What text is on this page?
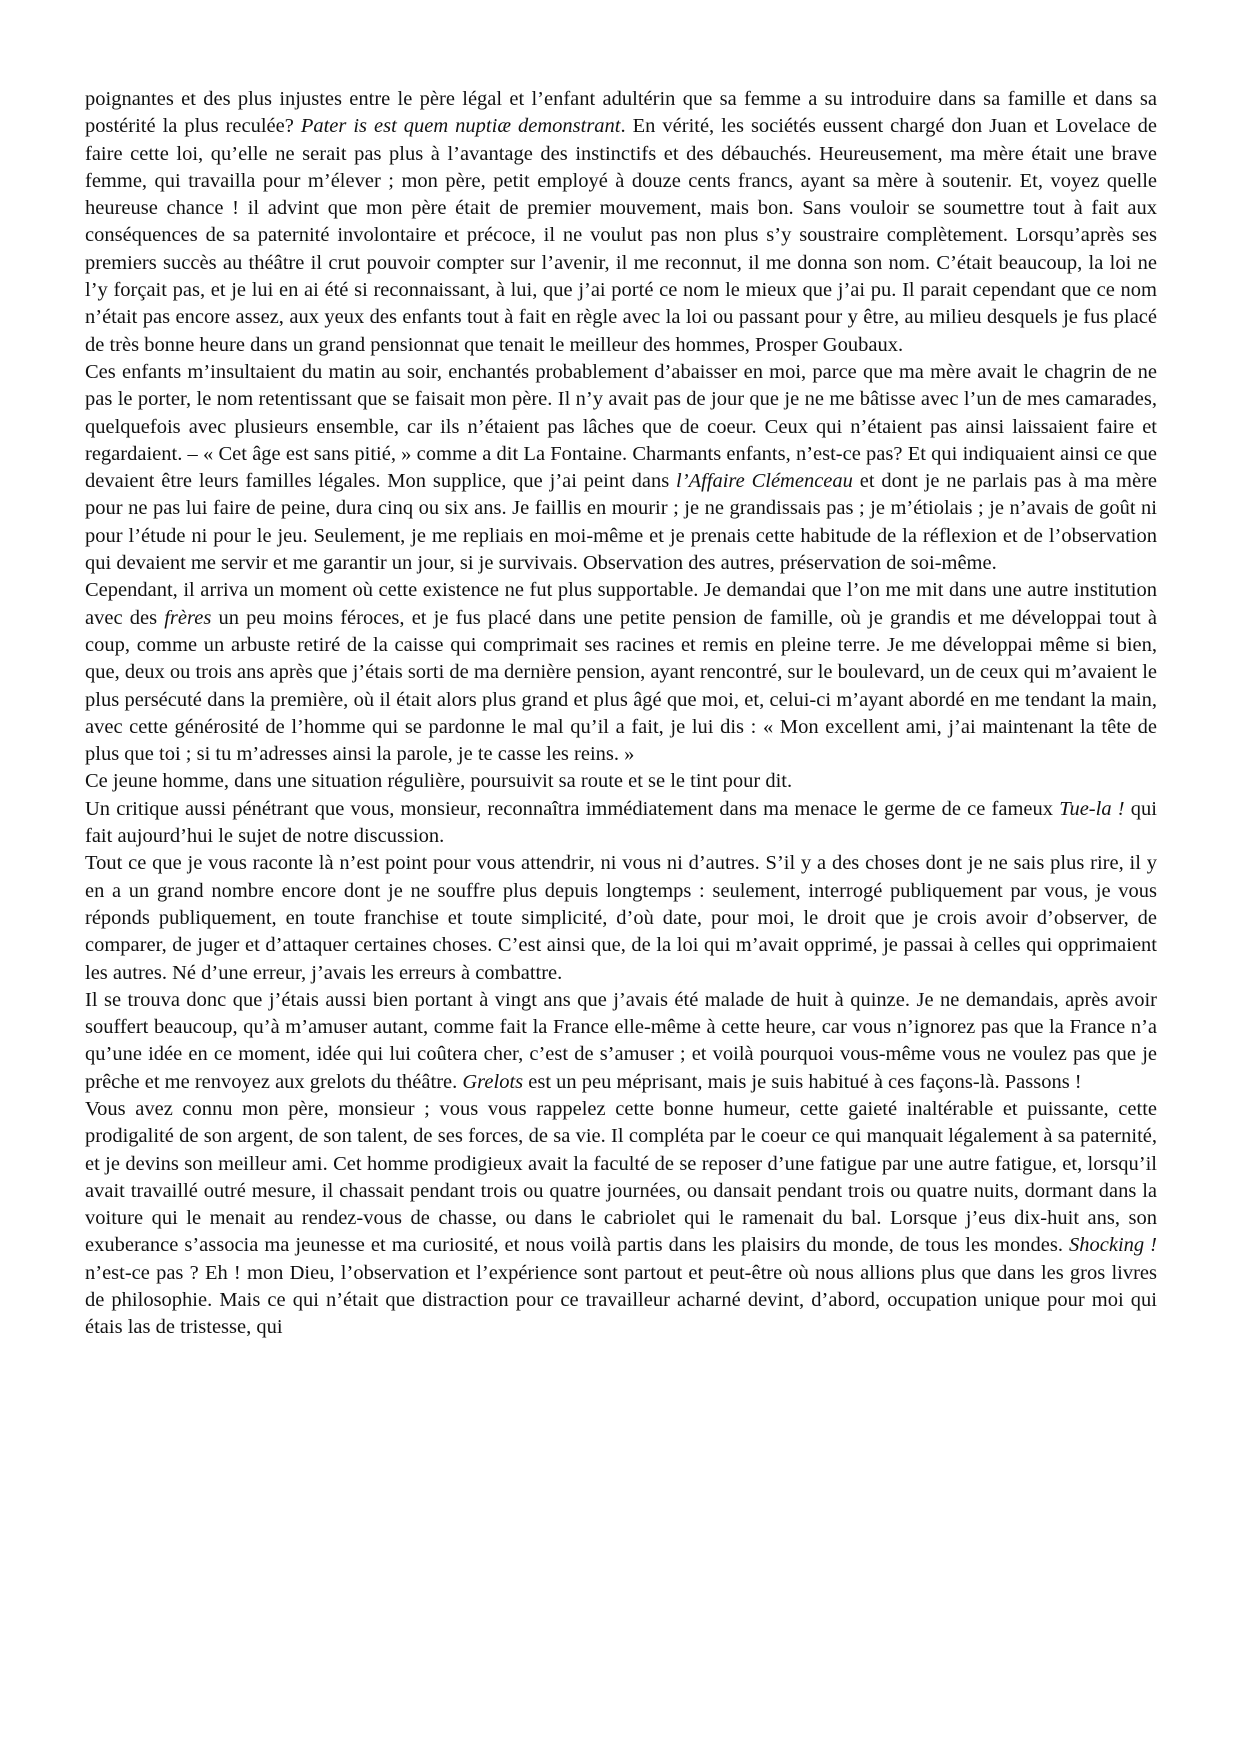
poignantes et des plus injustes entre le père légal et l’enfant adultérin que sa femme a su introduire dans sa famille et dans sa postérité la plus reculée? Pater is est quem nuptiæ demonstrant. En vérité, les sociétés eussent chargé don Juan et Lovelace de faire cette loi, qu’elle ne serait pas plus à l’avantage des instinctifs et des débauchés. Heureusement, ma mère était une brave femme, qui travailla pour m’élever ; mon père, petit employé à douze cents francs, ayant sa mère à soutenir. Et, voyez quelle heureuse chance ! il advint que mon père était de premier mouvement, mais bon. Sans vouloir se soumettre tout à fait aux conséquences de sa paternité involontaire et précoce, il ne voulut pas non plus s’y soustraire complètement. Lorsqu’après ses premiers succès au théâtre il crut pouvoir compter sur l’avenir, il me reconnut, il me donna son nom. C’était beaucoup, la loi ne l’y forçait pas, et je lui en ai été si reconnaissant, à lui, que j’ai porté ce nom le mieux que j’ai pu. Il parait cependant que ce nom n’était pas encore assez, aux yeux des enfants tout à fait en règle avec la loi ou passant pour y être, au milieu desquels je fus placé de très bonne heure dans un grand pensionnat que tenait le meilleur des hommes, Prosper Goubaux.

Ces enfants m’insultaient du matin au soir, enchantés probablement d’abaisser en moi, parce que ma mère avait le chagrin de ne pas le porter, le nom retentissant que se faisait mon père. Il n’y avait pas de jour que je ne me bâtisse avec l’un de mes camarades, quelquefois avec plusieurs ensemble, car ils n’étaient pas lâches que de coeur. Ceux qui n’étaient pas ainsi laissaient faire et regardaient. – « Cet âge est sans pitié, » comme a dit La Fontaine. Charmants enfants, n’est-ce pas? Et qui indiquaient ainsi ce que devaient être leurs familles légales. Mon supplice, que j’ai peint dans l’Affaire Clémenceau et dont je ne parlais pas à ma mère pour ne pas lui faire de peine, dura cinq ou six ans. Je faillis en mourir ; je ne grandissais pas ; je m’étiolais ; je n’avais de goût ni pour l’étude ni pour le jeu. Seulement, je me repliais en moi-même et je prenais cette habitude de la réflexion et de l’observation qui devaient me servir et me garantir un jour, si je survivais. Observation des autres, préservation de soi-même.

Cependant, il arriva un moment où cette existence ne fut plus supportable. Je demandai que l’on me mit dans une autre institution avec des frères un peu moins féroces, et je fus placé dans une petite pension de famille, où je grandis et me développai tout à coup, comme un arbuste retiré de la caisse qui comprimait ses racines et remis en pleine terre. Je me développai même si bien, que, deux ou trois ans après que j’étais sorti de ma dernière pension, ayant rencontré, sur le boulevard, un de ceux qui m’avaient le plus persécuté dans la première, où il était alors plus grand et plus âgé que moi, et, celui-ci m’ayant abordé en me tendant la main, avec cette générosité de l’homme qui se pardonne le mal qu’il a fait, je lui dis : « Mon excellent ami, j’ai maintenant la tête de plus que toi ; si tu m’adresses ainsi la parole, je te casse les reins. »

Ce jeune homme, dans une situation régulière, poursuivit sa route et se le tint pour dit.

Un critique aussi pénétrant que vous, monsieur, reconnaîtra immédiatement dans ma menace le germe de ce fameux Tue-la ! qui fait aujourd’hui le sujet de notre discussion.

Tout ce que je vous raconte là n’est point pour vous attendrir, ni vous ni d’autres. S’il y a des choses dont je ne sais plus rire, il y en a un grand nombre encore dont je ne souffre plus depuis longtemps : seulement, interrogé publiquement par vous, je vous réponds publiquement, en toute franchise et toute simplicité, d’où date, pour moi, le droit que je crois avoir d’observer, de comparer, de juger et d’attaquer certaines choses. C’est ainsi que, de la loi qui m’avait opprimé, je passai à celles qui opprimaient les autres. Né d’une erreur, j’avais les erreurs à combattre.

Il se trouva donc que j’étais aussi bien portant à vingt ans que j’avais été malade de huit à quinze. Je ne demandais, après avoir souffert beaucoup, qu’à m’amuser autant, comme fait la France elle-même à cette heure, car vous n’ignorez pas que la France n’a qu’une idée en ce moment, idée qui lui coûtera cher, c’est de s’amuser ; et voilà pourquoi vous-même vous ne voulez pas que je prêche et me renvoyez aux grelots du théâtre. Grelots est un peu méprisant, mais je suis habitué à ces façons-là. Passons !

Vous avez connu mon père, monsieur ; vous vous rappelez cette bonne humeur, cette gaieté inaltérable et puissante, cette prodigalité de son argent, de son talent, de ses forces, de sa vie. Il compléta par le coeur ce qui manquait légalement à sa paternité, et je devins son meilleur ami. Cet homme prodigieux avait la faculté de se reposer d’une fatigue par une autre fatigue, et, lorsqu’il avait travaillé outré mesure, il chassait pendant trois ou quatre journées, ou dansait pendant trois ou quatre nuits, dormant dans la voiture qui le menait au rendez-vous de chasse, ou dans le cabriolet qui le ramenait du bal. Lorsque j’eus dix-huit ans, son exuberance s’associa ma jeunesse et ma curiosité, et nous voilà partis dans les plaisirs du monde, de tous les mondes. Shocking ! n’est-ce pas ? Eh ! mon Dieu, l’observation et l’expérience sont partout et peut-être où nous allions plus que dans les gros livres de philosophie. Mais ce qui n’était que distraction pour ce travailleur acharné devint, d’abord, occupation unique pour moi qui étais las de tristesse, qui
